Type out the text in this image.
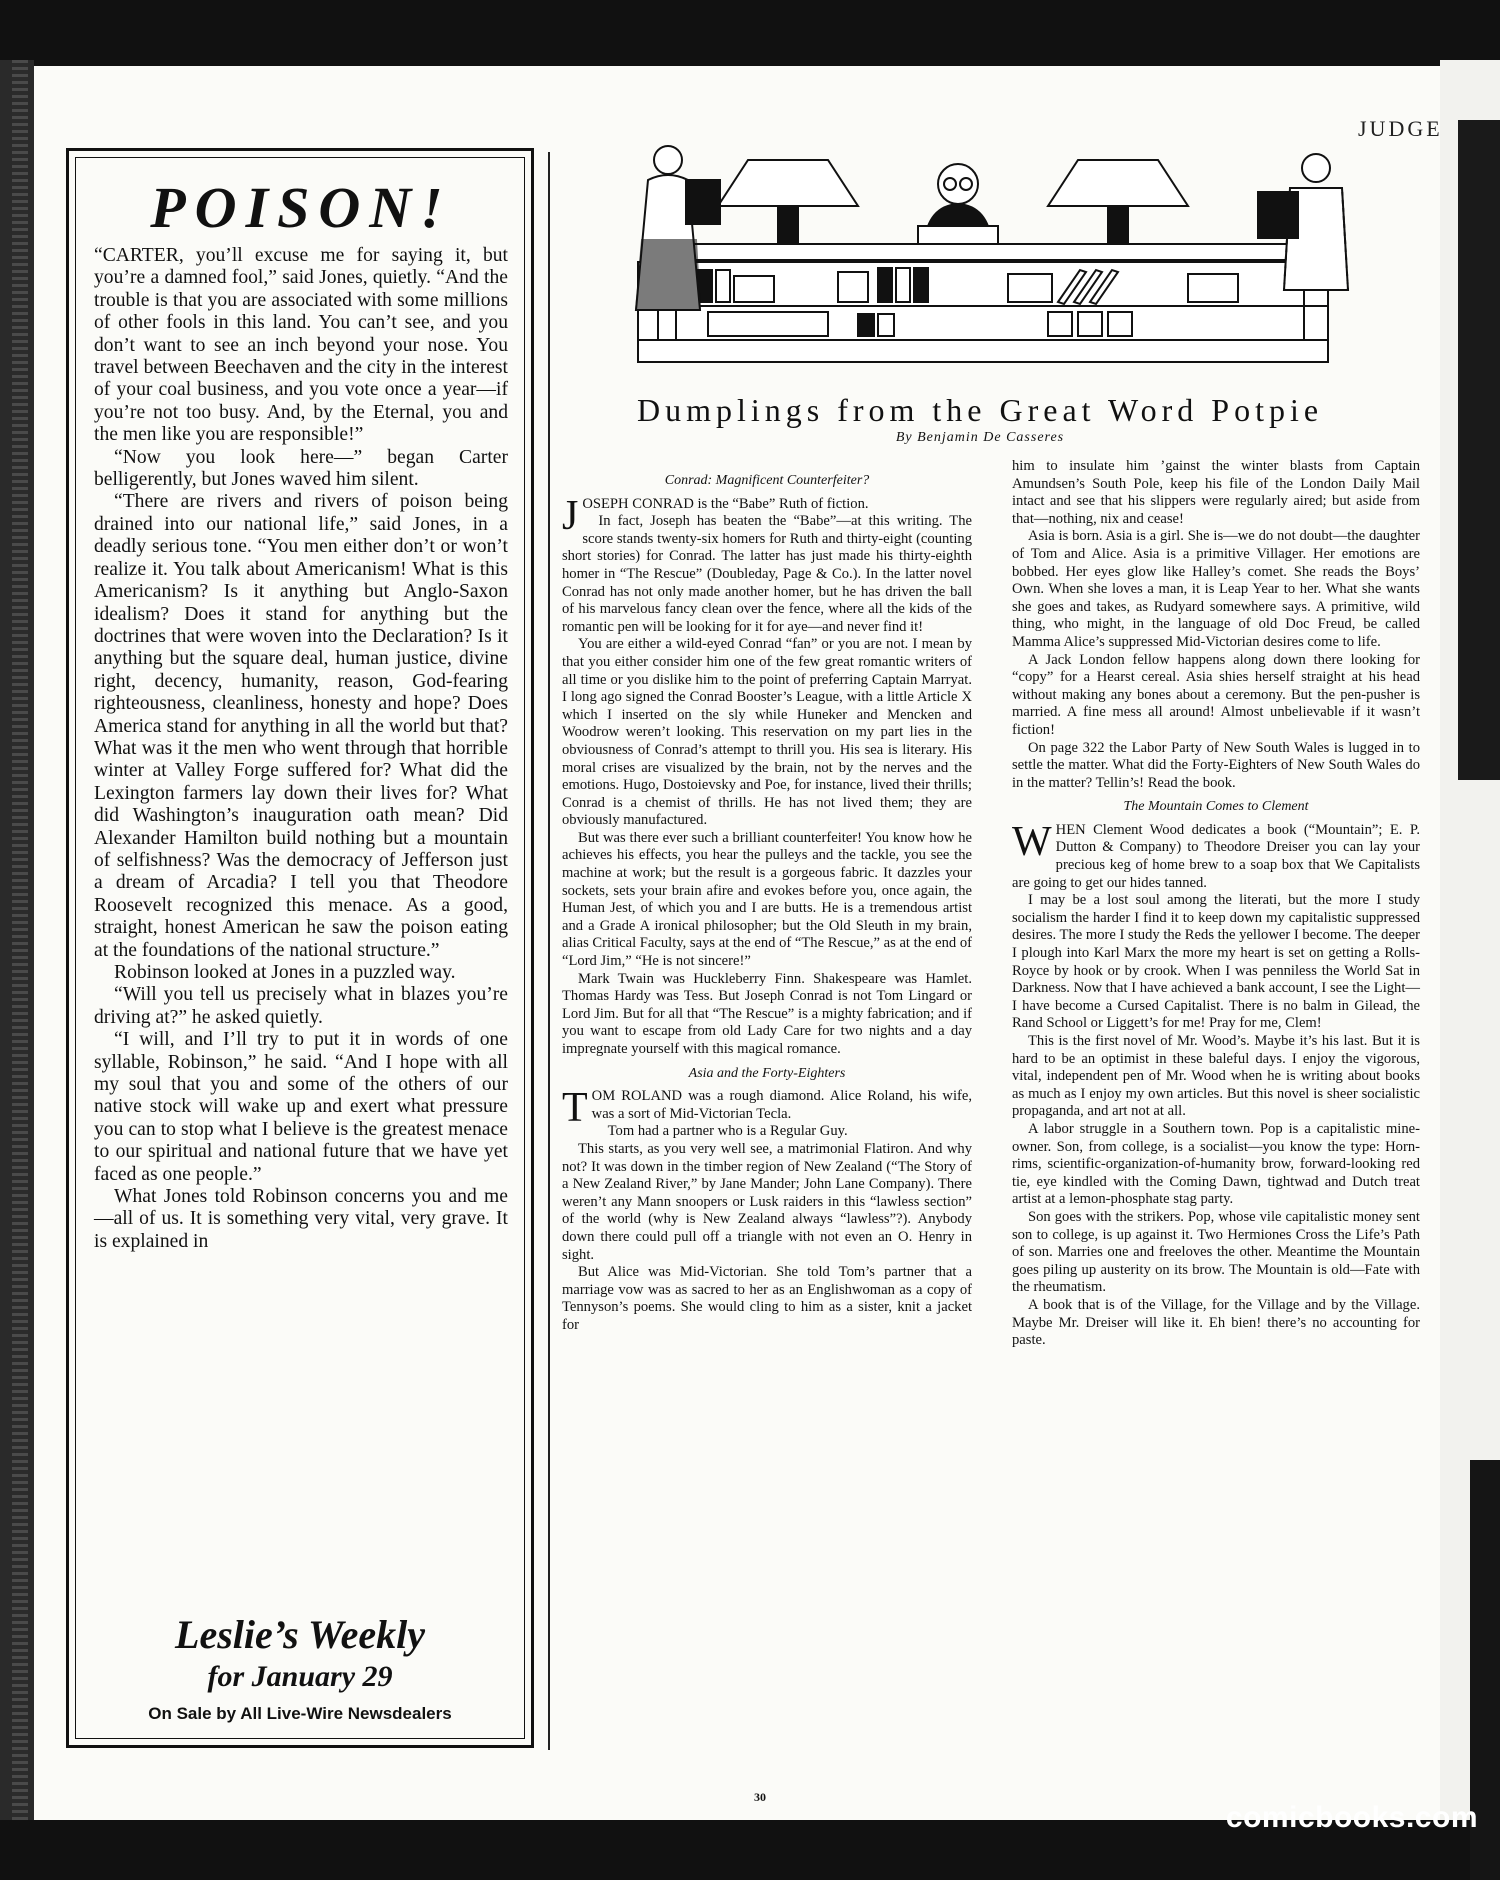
JUDGE
POISON!

“CARTER, you’ll excuse me for saying it, but you’re a damned fool,” said Jones, quietly. “And the trouble is that you are associated with some millions of other fools in this land. You can’t see, and you don’t want to see an inch beyond your nose. You travel between Beechaven and the city in the interest of your coal business, and you vote once a year—if you’re not too busy. And, by the Eternal, you and the men like you are responsible!”

“Now you look here—” began Carter belligerently, but Jones waved him silent.

“There are rivers and rivers of poison being drained into our national life,” said Jones, in a deadly serious tone. “You men either don’t or won’t realize it. You talk about Americanism! What is this Americanism? Is it anything but Anglo-Saxon idealism? Does it stand for anything but the doctrines that were woven into the Declaration? Is it anything but the square deal, human justice, divine right, decency, humanity, reason, God-fearing righteousness, cleanliness, honesty and hope? Does America stand for anything in all the world but that? What was it the men who went through that horrible winter at Valley Forge suffered for? What did the Lexington farmers lay down their lives for? What did Washington’s inauguration oath mean? Did Alexander Hamilton build nothing but a mountain of selfishness? Was the democracy of Jefferson just a dream of Arcadia? I tell you that Theodore Roosevelt recognized this menace. As a good, straight, honest American he saw the poison eating at the foundations of the national structure.”

Robinson looked at Jones in a puzzled way.

“Will you tell us precisely what in blazes you’re driving at?” he asked quietly.

“I will, and I’ll try to put it in words of one syllable, Robinson,” he said. “And I hope with all my soul that you and some of the others of our native stock will wake up and exert what pressure you can to stop what I believe is the greatest menace to our spiritual and national future that we have yet faced as one people.”

What Jones told Robinson concerns you and me—all of us. It is something very vital, very grave. It is explained in

Leslie’s Weekly
for January 29
On Sale by All Live-Wire Newsdealers
Dumplings from the Great Word Potpie
By Benjamin De Casseres
Conrad: Magnificent Counterfeiter?

JOSEPH CONRAD is the “Babe” Ruth of fiction.

In fact, Joseph has beaten the “Babe”—at this writing. The score stands twenty-six homers for Ruth and thirty-eight (counting short stories) for Conrad. The latter has just made his thirty-eighth homer in “The Rescue” (Doubleday, Page & Co.). In the latter novel Conrad has not only made another homer, but he has driven the ball of his marvelous fancy clean over the fence, where all the kids of the romantic pen will be looking for it for aye—and never find it!

You are either a wild-eyed Conrad “fan” or you are not. I mean by that you either consider him one of the few great romantic writers of all time or you dislike him to the point of preferring Captain Marryat. I long ago signed the Conrad Booster’s League, with a little Article X which I inserted on the sly while Huneker and Mencken and Woodrow weren’t looking. This reservation on my part lies in the obviousness of Conrad’s attempt to thrill you. His sea is literary. His moral crises are visualized by the brain, not by the nerves and the emotions. Hugo, Dostoievsky and Poe, for instance, lived their thrills; Conrad is a chemist of thrills. He has not lived them; they are obviously manufactured.

But was there ever such a brilliant counterfeiter! You know how he achieves his effects, you hear the pulleys and the tackle, you see the machine at work; but the result is a gorgeous fabric. It dazzles your sockets, sets your brain afire and evokes before you, once again, the Human Jest, of which you and I are butts. He is a tremendous artist and a Grade A ironical philosopher; but the Old Sleuth in my brain, alias Critical Faculty, says at the end of “The Rescue,” as at the end of “Lord Jim,” “He is not sincere!”

Mark Twain was Huckleberry Finn. Shakespeare was Hamlet. Thomas Hardy was Tess. But Joseph Conrad is not Tom Lingard or Lord Jim. But for all that “The Rescue” is a mighty fabrication; and if you want to escape from old Lady Care for two nights and a day impregnate yourself with this magical romance.

Asia and the Forty-Eighters

TOM ROLAND was a rough diamond. Alice Roland, his wife, was a sort of Mid-Victorian Tecla.

Tom had a partner who is a Regular Guy.

This starts, as you very well see, a matrimonial Flatiron. And why not? It was down in the timber region of New Zealand (“The Story of a New Zealand River,” by Jane Mander; John Lane Company). There weren’t any Mann snoopers or Lusk raiders in this “lawless section” of the world (why is New Zealand always “lawless”?). Anybody down there could pull off a triangle with not even an O. Henry in sight.

But Alice was Mid-Victorian. She told Tom’s partner that a marriage vow was as sacred to her as an Englishwoman as a copy of Tennyson’s poems. She would cling to him as a sister, knit a jacket for

him to insulate him ’gainst the winter blasts from Captain Amundsen’s South Pole, keep his file of the London Daily Mail intact and see that his slippers were regularly aired; but aside from that—nothing, nix and cease!

Asia is born. Asia is a girl. She is—we do not doubt—the daughter of Tom and Alice. Asia is a primitive Villager. Her emotions are bobbed. Her eyes glow like Halley’s comet. She reads the Boys’ Own. When she loves a man, it is Leap Year to her. What she wants she goes and takes, as Rudyard somewhere says. A primitive, wild thing, who might, in the language of old Doc Freud, be called Mamma Alice’s suppressed Mid-Victorian desires come to life.

A Jack London fellow happens along down there looking for “copy” for a Hearst cereal. Asia shies herself straight at his head without making any bones about a ceremony. But the pen-pusher is married. A fine mess all around! Almost unbelievable if it wasn’t fiction!

On page 322 the Labor Party of New South Wales is lugged in to settle the matter. What did the Forty-Eighters of New South Wales do in the matter? Tellin’s! Read the book.

The Mountain Comes to Clement

WHEN Clement Wood dedicates a book (“Mountain”; E. P. Dutton & Company) to Theodore Dreiser you can lay your precious keg of home brew to a soap box that We Capitalists are going to get our hides tanned.

I may be a lost soul among the literati, but the more I study socialism the harder I find it to keep down my capitalistic suppressed desires. The more I study the Reds the yellower I become. The deeper I plough into Karl Marx the more my heart is set on getting a Rolls-Royce by hook or by crook. When I was penniless the World Sat in Darkness. Now that I have achieved a bank account, I see the Light—I have become a Cursed Capitalist. There is no balm in Gilead, the Rand School or Liggett’s for me! Pray for me, Clem!

This is the first novel of Mr. Wood’s. Maybe it’s his last. But it is hard to be an optimist in these baleful days. I enjoy the vigorous, vital, independent pen of Mr. Wood when he is writing about books as much as I enjoy my own articles. But this novel is sheer socialistic propaganda, and art not at all.

A labor struggle in a Southern town. Pop is a capitalistic mine-owner. Son, from college, is a socialist—you know the type: Horn-rims, scientific-organization-of-humanity brow, forward-looking red tie, eye kindled with the Coming Dawn, tightwad and Dutch treat artist at a lemon-phosphate stag party.

Son goes with the strikers. Pop, whose vile capitalistic money sent son to college, is up against it. Two Hermiones Cross the Life’s Path of son. Marries one and freeloves the other. Meantime the Mountain goes piling up austerity on its brow. The Mountain is old—Fate with the rheumatism.

A book that is of the Village, for the Village and by the Village. Maybe Mr. Dreiser will like it. Eh bien! there’s no accounting for paste.

30
comicbooks.com
